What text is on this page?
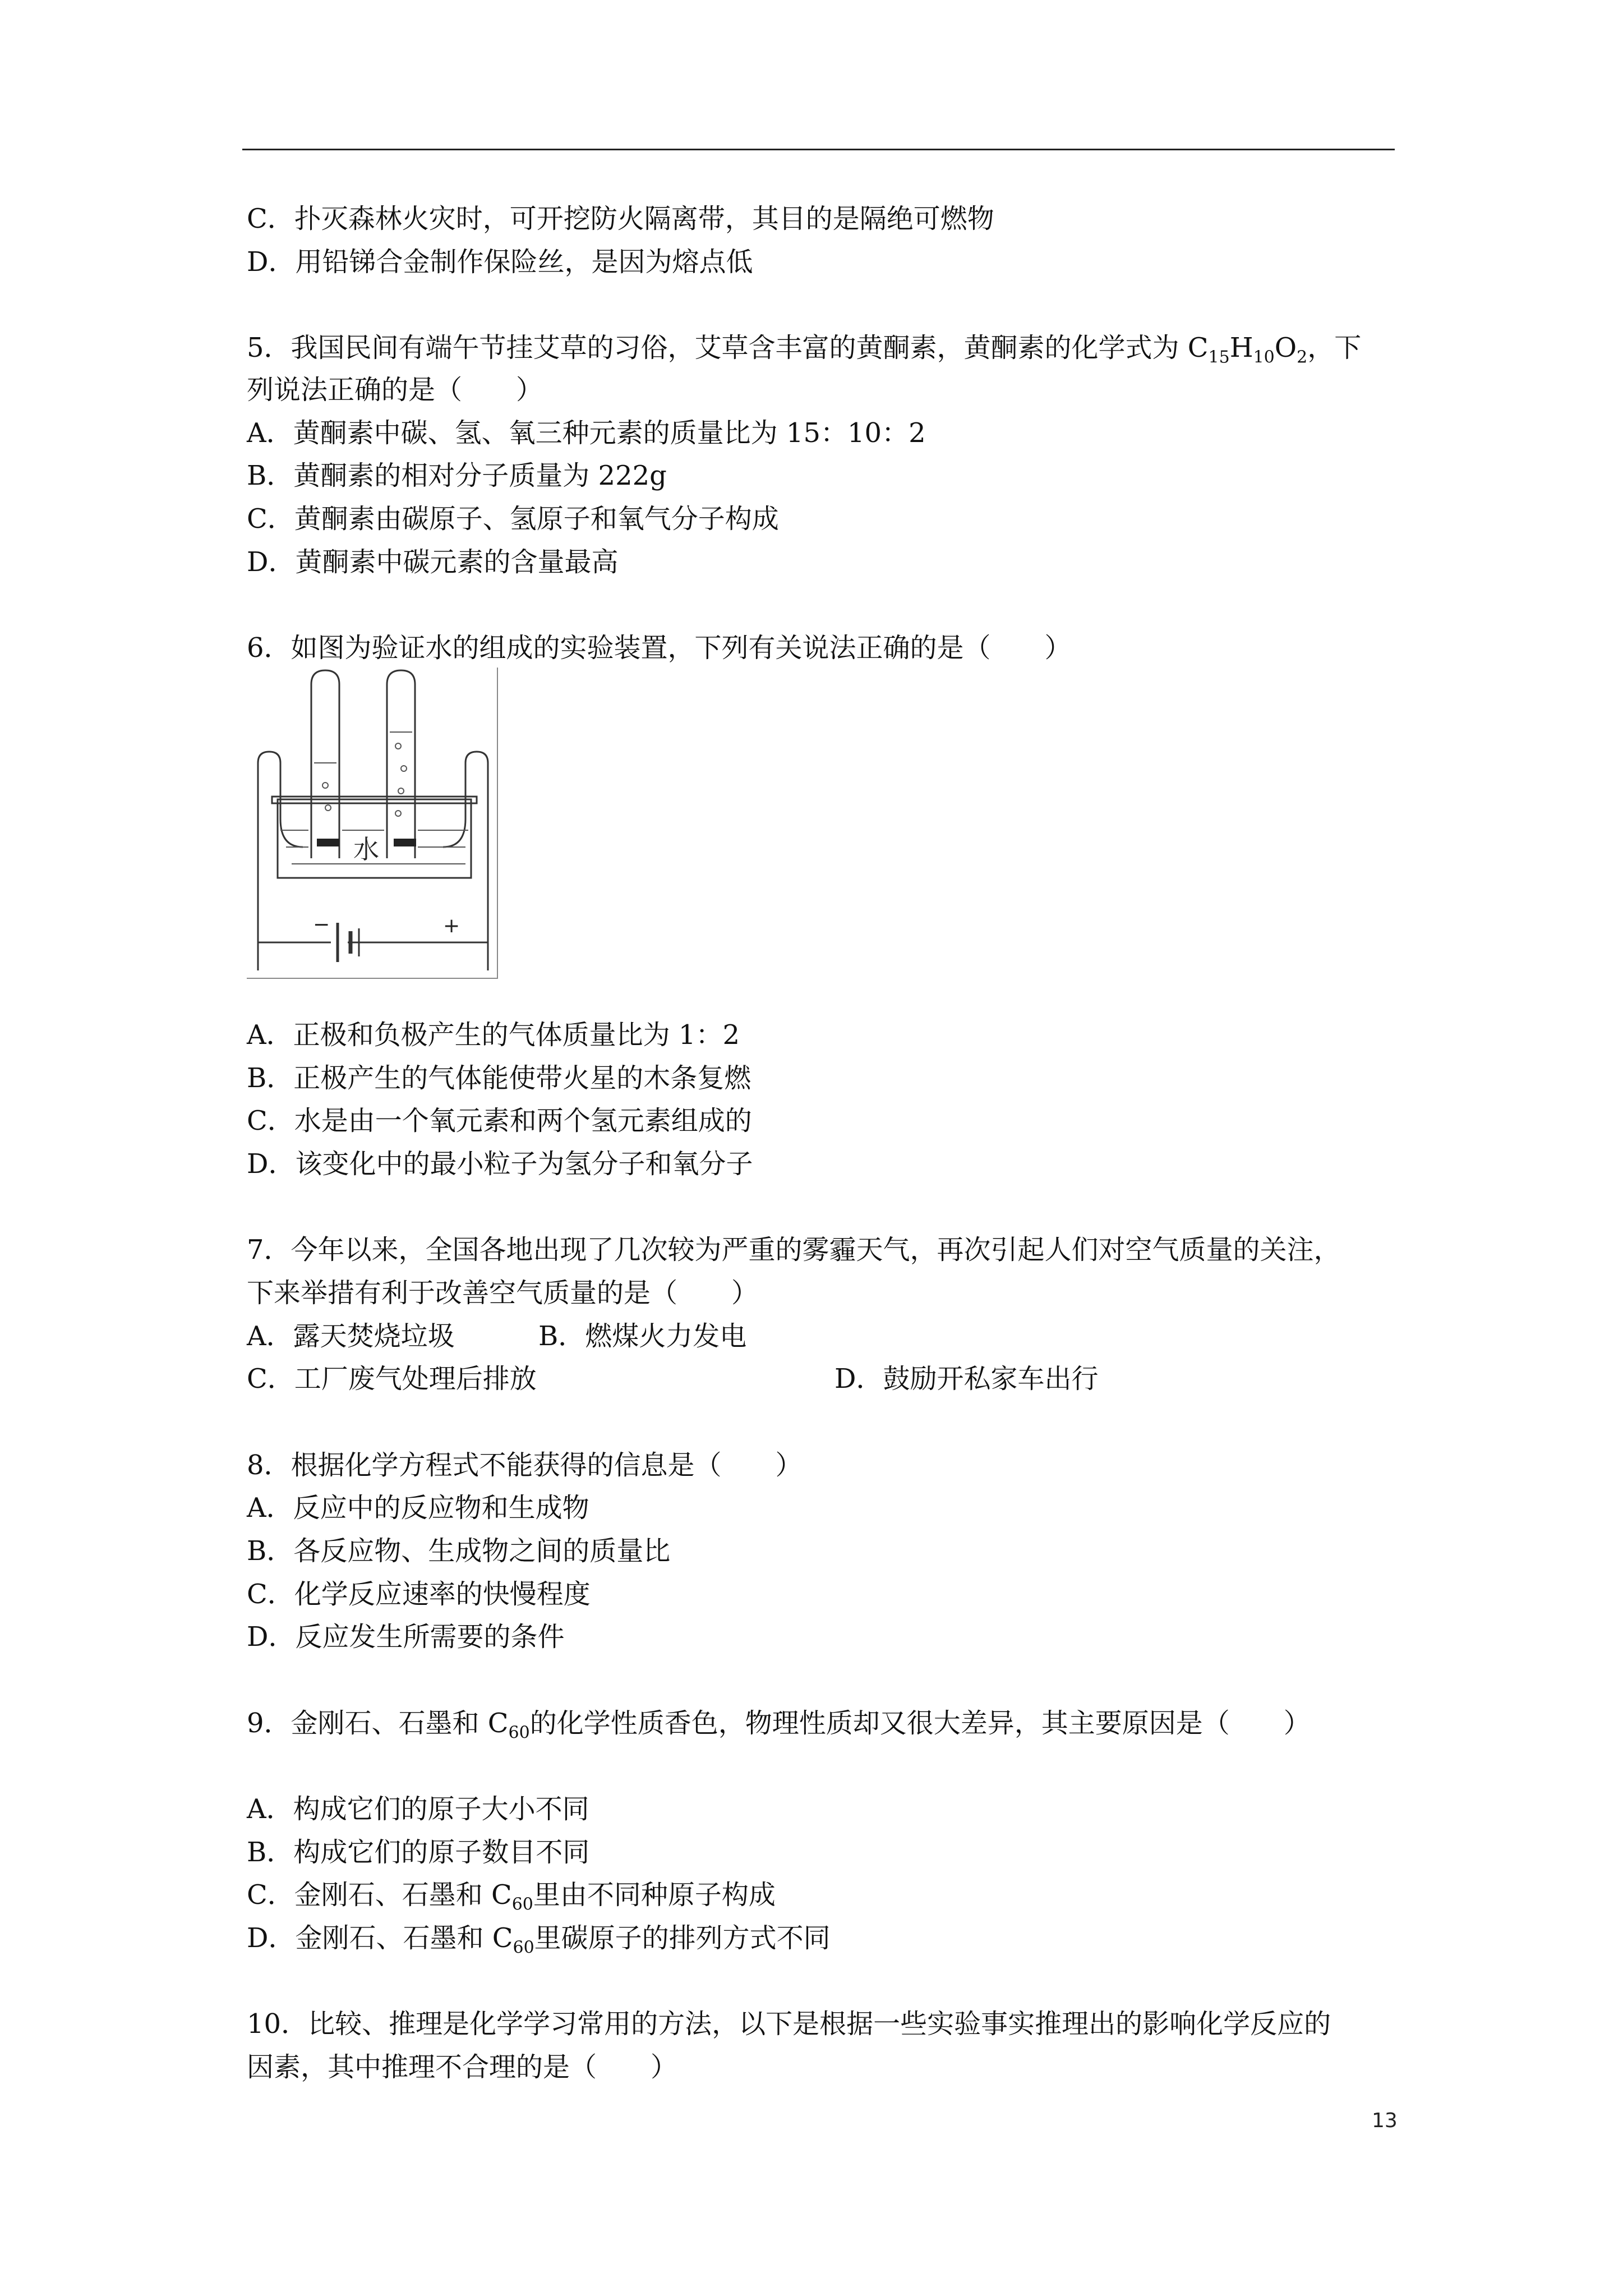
C．扑灭森林火灾时，可开挖防火隔离带，其目的是隔绝可燃物
D．用铅锑合金制作保险丝，是因为熔点低
5．我国民间有端午节挂艾草的习俗，艾草含丰富的黄酮素，黄酮素的化学式为 $C_{15}H_{10}O_2$，下
列说法正确的是（　　）
A．黄酮素中碳、氢、氧三种元素的质量比为 15：10：2
B．黄酮素的相对分子质量为 222g
C．黄酮素由碳原子、氢原子和氧气分子构成
D．黄酮素中碳元素的含量最高
6．如图为验证水的组成的实验装置，下列有关说法正确的是（　　）
水
−	+
A．正极和负极产生的气体质量比为 1：2
B．正极产生的气体能使带火星的木条复燃
C．水是由一个氧元素和两个氢元素组成的
D．该变化中的最小粒子为氢分子和氧分子
7．今年以来，全国各地出现了几次较为严重的雾霾天气，再次引起人们对空气质量的关注，
下来举措有利于改善空气质量的是（　　）
A．露天焚烧垃圾	B．燃煤火力发电
C．工厂废气处理后排放	D．鼓励开私家车出行
8．根据化学方程式不能获得的信息是（　　）
A．反应中的反应物和生成物
B．各反应物、生成物之间的质量比
C．化学反应速率的快慢程度
D．反应发生所需要的条件
9．金刚石、石墨和 $C_{60}$的化学性质香色，物理性质却又很大差异，其主要原因是（　　）
A．构成它们的原子大小不同
B．构成它们的原子数目不同
C．金刚石、石墨和 $C_{60}$里由不同种原子构成
D．金刚石、石墨和 $C_{60}$里碳原子的排列方式不同
10．比较、推理是化学学习常用的方法，以下是根据一些实验事实推理出的影响化学反应的
因素，其中推理不合理的是（　　）
13
